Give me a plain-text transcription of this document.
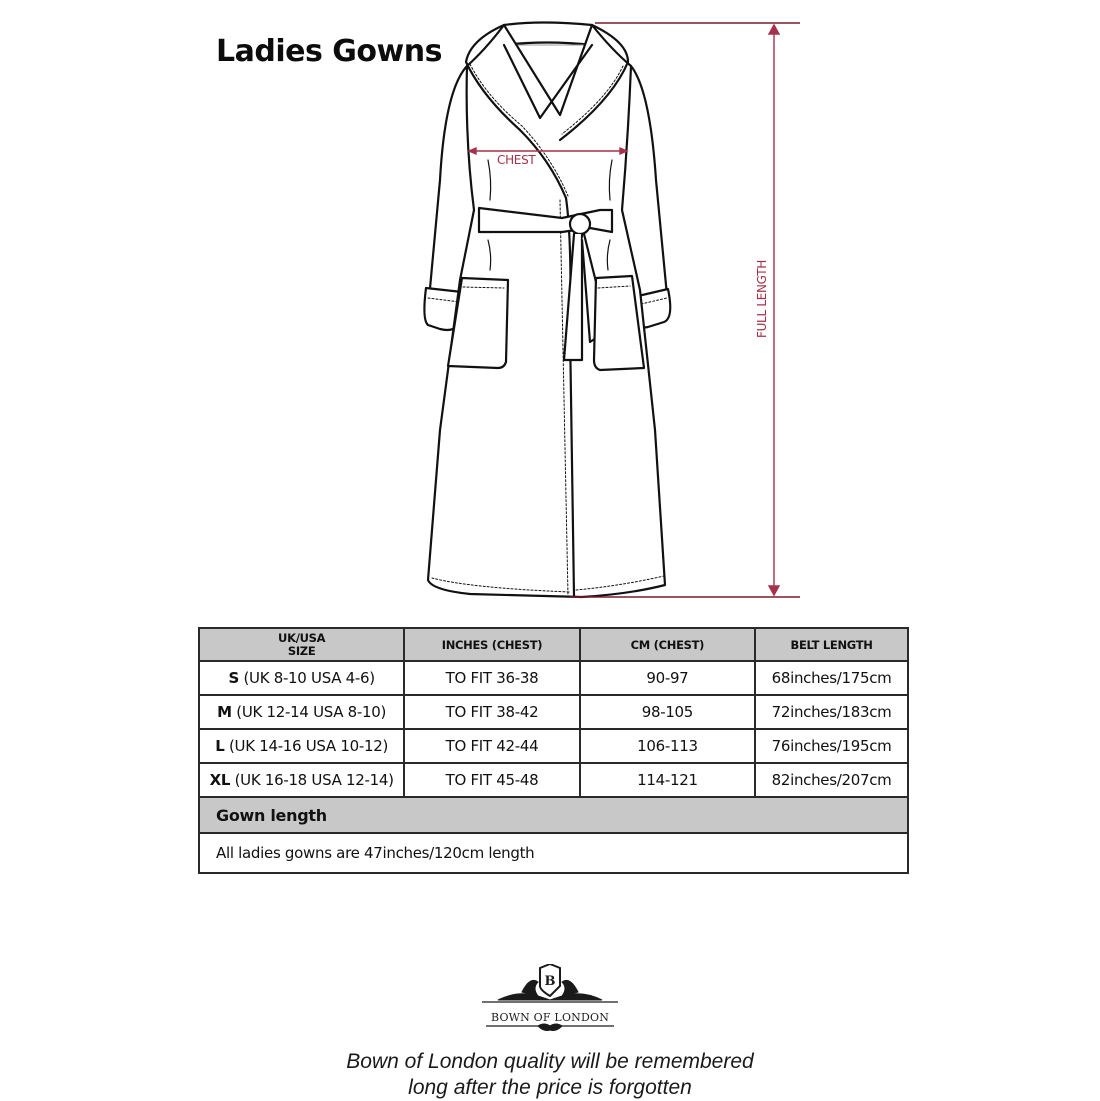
Ladies Gowns
CHEST
FULL LENGTH
UK/USA
SIZE	INCHES (CHEST)	CM (CHEST)	BELT LENGTH
S (UK 8-10 USA 4-6)	TO FIT 36-38	90-97	68inches/175cm
M (UK 12-14 USA 8-10)	TO FIT 38-42	98-105	72inches/183cm
L (UK 14-16 USA 10-12)	TO FIT 42-44	106-113	76inches/195cm
XL (UK 16-18 USA 12-14)	TO FIT 45-48	114-121	82inches/207cm
Gown length			
All ladies gowns are 47inches/120cm length			
B
BOWN OF LONDON
Bown of London quality will be remembered
long after the price is forgotten
